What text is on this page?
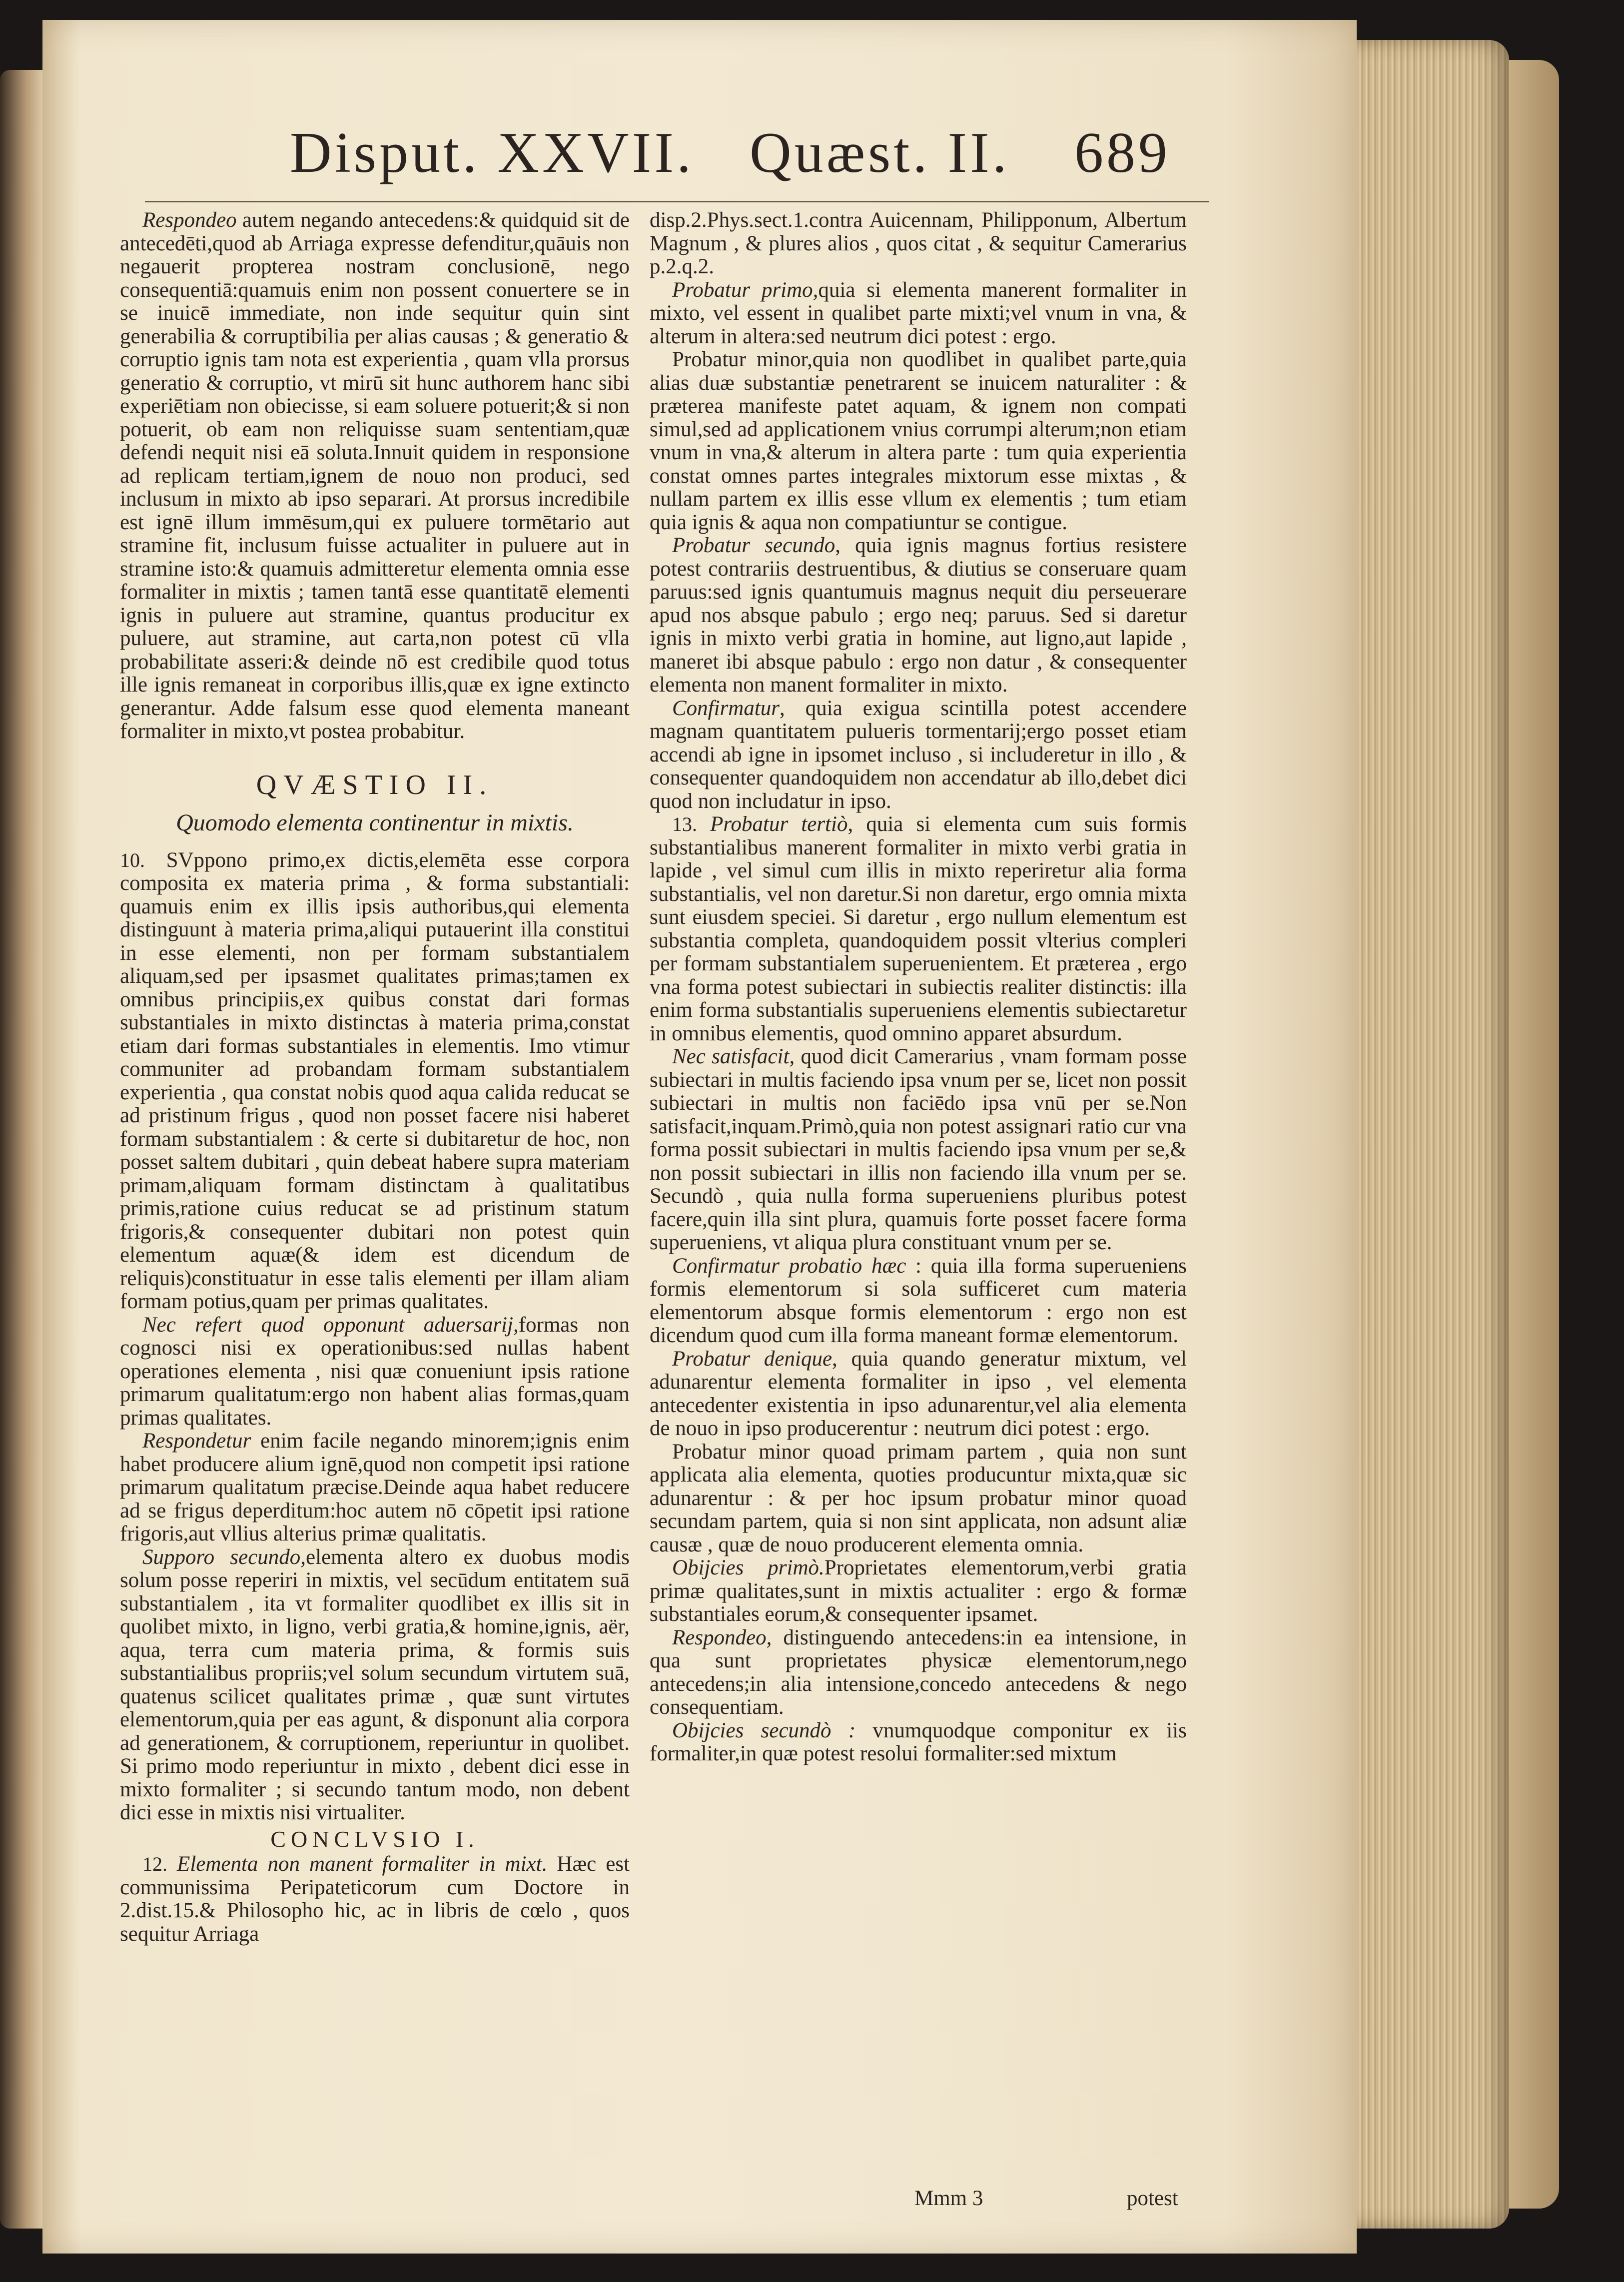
Disput. XXVII. Quæst. II. 689

Respondeo autem negando antecedens:& quidquid sit de antecedēti,quod ab Arriaga expresse defenditur,quāuis non negauerit propterea nostram conclusionē, nego consequentiā:quamuis enim non possent conuertere se in se inuicē immediate, non inde sequitur quin sint generabilia & corruptibilia per alias causas ; & generatio & corruptio ignis tam nota est experientia , quam vlla prorsus generatio & corruptio, vt mirū sit hunc authorem hanc sibi experiētiam non obiecisse, si eam soluere potuerit;& si non potuerit, ob eam non reliquisse suam sententiam,quæ defendi nequit nisi eā soluta.Innuit quidem in responsione ad replicam tertiam,ignem de nouo non produci, sed inclusum in mixto ab ipso separari. At prorsus incredibile est ignē illum immēsum,qui ex puluere tormētario aut stramine fit, inclusum fuisse actualiter in puluere aut in stramine isto:& quamuis admitteretur elementa omnia esse formaliter in mixtis ; tamen tantā esse quantitatē elementi ignis in puluere aut stramine, quantus producitur ex puluere, aut stramine, aut carta,non potest cū vlla probabilitate asseri:& deinde nō est credibile quod totus ille ignis remaneat in corporibus illis,quæ ex igne extincto generantur. Adde falsum esse quod elementa maneant formaliter in mixto,vt postea probabitur.

QVÆSTIO II.
Quomodo elementa continentur in mixtis.

10. SVppono primo,ex dictis,elemēta esse corpora composita ex materia prima , & forma substantiali: quamuis enim ex illis ipsis authoribus,qui elementa distinguunt à materia prima,aliqui putauerint illa constitui in esse elementi, non per formam substantialem aliquam,sed per ipsasmet qualitates primas;tamen ex omnibus principiis,ex quibus constat dari formas substantiales in mixto distinctas à materia prima,constat etiam dari formas substantiales in elementis. Imo vtimur communiter ad probandam formam substantialem experientia , qua constat nobis quod aqua calida reducat se ad pristinum frigus , quod non posset facere nisi haberet formam substantialem : & certe si dubitaretur de hoc, non posset saltem dubitari , quin debeat habere supra materiam primam,aliquam formam distinctam à qualitatibus primis,ratione cuius reducat se ad pristinum statum frigoris,& consequenter dubitari non potest quin elementum aquæ(& idem est dicendum de reliquis)constituatur in esse talis elementi per illam aliam formam potius,quam per primas qualitates.

Nec refert quod opponunt aduersarij,formas non cognosci nisi ex operationibus:sed nullas habent operationes elementa , nisi quæ conueniunt ipsis ratione primarum qualitatum:ergo non habent alias formas,quam primas qualitates.

Respondetur enim facile negando minorem;ignis enim habet producere alium ignē,quod non competit ipsi ratione primarum qualitatum præcise.Deinde aqua habet reducere ad se frigus deperditum:hoc autem nō cōpetit ipsi ratione frigoris,aut vllius alterius primæ qualitatis.

Supporo secundo,elementa altero ex duobus modis solum posse reperiri in mixtis, vel secūdum entitatem suā substantialem , ita vt formaliter quodlibet ex illis sit in quolibet mixto, in ligno, verbi gratia,& homine,ignis, aër, aqua, terra cum materia prima, & formis suis substantialibus propriis;vel solum secundum virtutem suā, quatenus scilicet qualitates primæ , quæ sunt virtutes elementorum,quia per eas agunt, & disponunt alia corpora ad generationem, & corruptionem, reperiuntur in quolibet. Si primo modo reperiuntur in mixto , debent dici esse in mixto formaliter ; si secundo tantum modo, non debent dici esse in mixtis nisi virtualiter.

CONCLVSIO I.

12. Elementa non manent formaliter in mixt. Hæc est communissima Peripateticorum cum Doctore in 2.dist.15.& Philosopho hic, ac in libris de cœlo , quos sequitur Arriaga

disp.2.Phys.sect.1.contra Auicennam, Philipponum, Albertum Magnum , & plures alios , quos citat , & sequitur Camerarius p.2.q.2.

Probatur primo,quia si elementa manerent formaliter in mixto, vel essent in qualibet parte mixti;vel vnum in vna, & alterum in altera:sed neutrum dici potest : ergo.

Probatur minor,quia non quodlibet in qualibet parte,quia alias duæ substantiæ penetrarent se inuicem naturaliter : & præterea manifeste patet aquam, & ignem non compati simul,sed ad applicationem vnius corrumpi alterum;non etiam vnum in vna,& alterum in altera parte : tum quia experientia constat omnes partes integrales mixtorum esse mixtas , & nullam partem ex illis esse vllum ex elementis ; tum etiam quia ignis & aqua non compatiuntur se contigue.

Probatur secundo, quia ignis magnus fortius resistere potest contrariis destruentibus, & diutius se conseruare quam paruus:sed ignis quantumuis magnus nequit diu perseuerare apud nos absque pabulo ; ergo neq; paruus. Sed si daretur ignis in mixto verbi gratia in homine, aut ligno,aut lapide , maneret ibi absque pabulo : ergo non datur , & consequenter elementa non manent formaliter in mixto.

Confirmatur, quia exigua scintilla potest accendere magnam quantitatem pulueris tormentarij;ergo posset etiam accendi ab igne in ipsomet incluso , si includeretur in illo , & consequenter quandoquidem non accendatur ab illo,debet dici quod non includatur in ipso.

13. Probatur tertiò, quia si elementa cum suis formis substantialibus manerent formaliter in mixto verbi gratia in lapide , vel simul cum illis in mixto reperiretur alia forma substantialis, vel non daretur.Si non daretur, ergo omnia mixta sunt eiusdem speciei. Si daretur , ergo nullum elementum est substantia completa, quandoquidem possit vlterius compleri per formam substantialem superuenientem. Et præterea , ergo vna forma potest subiectari in subiectis realiter distinctis: illa enim forma substantialis superueniens elementis subiectaretur in omnibus elementis, quod omnino apparet absurdum.

Nec satisfacit, quod dicit Camerarius , vnam formam posse subiectari in multis faciendo ipsa vnum per se, licet non possit subiectari in multis non faciēdo ipsa vnū per se.Non satisfacit,inquam.Primò,quia non potest assignari ratio cur vna forma possit subiectari in multis faciendo ipsa vnum per se,& non possit subiectari in illis non faciendo illa vnum per se. Secundò , quia nulla forma superueniens pluribus potest facere,quin illa sint plura, quamuis forte posset facere forma superueniens, vt aliqua plura constituant vnum per se.

Confirmatur probatio hæc : quia illa forma superueniens formis elementorum si sola sufficeret cum materia elementorum absque formis elementorum : ergo non est dicendum quod cum illa forma maneant formæ elementorum.

Probatur denique, quia quando generatur mixtum, vel adunarentur elementa formaliter in ipso , vel elementa antecedenter existentia in ipso adunarentur,vel alia elementa de nouo in ipso producerentur : neutrum dici potest : ergo.

Probatur minor quoad primam partem , quia non sunt applicata alia elementa, quoties producuntur mixta,quæ sic adunarentur : & per hoc ipsum probatur minor quoad secundam partem, quia si non sint applicata, non adsunt aliæ causæ , quæ de nouo producerent elementa omnia.

Obijcies primò.Proprietates elementorum,verbi gratia primæ qualitates,sunt in mixtis actualiter : ergo & formæ substantiales eorum,& consequenter ipsamet.

Respondeo, distinguendo antecedens:in ea intensione, in qua sunt proprietates physicæ elementorum,nego antecedens;in alia intensione,concedo antecedens & nego consequentiam.

Obijcies secundò : vnumquodque componitur ex iis formaliter,in quæ potest resolui formaliter:sed mixtum

Mmm 3	potest
